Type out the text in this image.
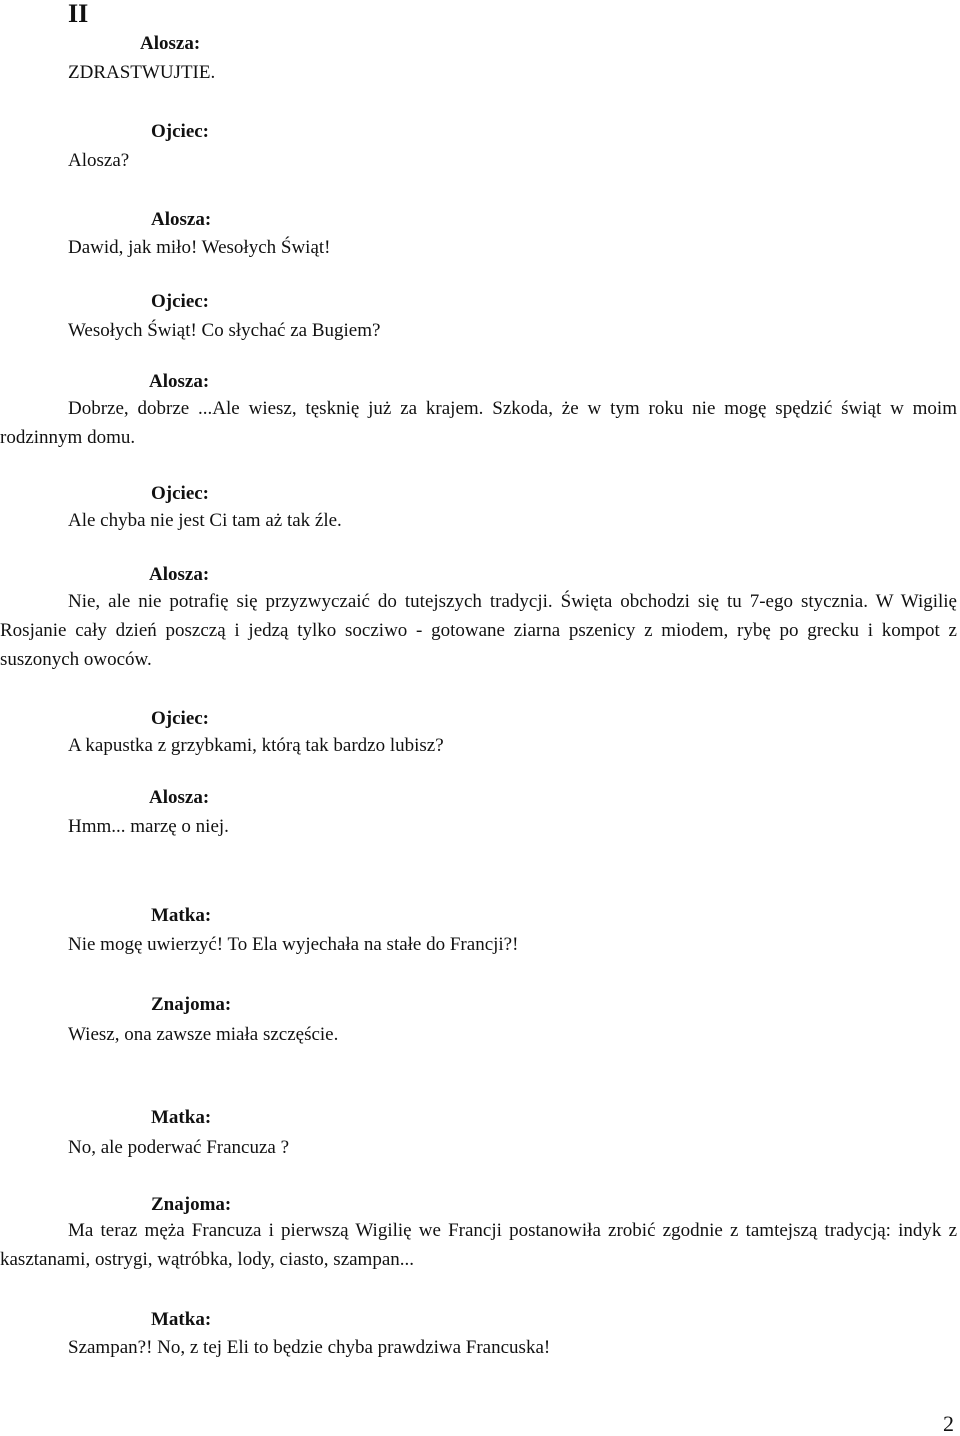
II
Alosza:
ZDRASTWUJTIE.
Ojciec:
Alosza?
Alosza:
Dawid, jak miło! Wesołych Świąt!
Ojciec:
Wesołych Świąt! Co słychać za Bugiem?
Alosza:

Dobrze, dobrze ...Ale wiesz, tęsknię już za krajem. Szkoda, że w tym roku nie mogę spędzić świąt w moim rodzinnym domu.

Ojciec:
Ale chyba nie jest Ci tam aż tak źle.
Alosza:

Nie, ale nie potrafię się przyzwyczaić do tutejszych tradycji. Święta obchodzi się tu 7-ego stycznia. W Wigilię Rosjanie cały dzień poszczą i jedzą tylko socziwo - gotowane ziarna pszenicy z miodem, rybę po grecku i kompot z suszonych owoców.

Ojciec:
A kapustka z grzybkami, którą tak bardzo lubisz?
Alosza:
Hmm... marzę o niej.
Matka:
Nie mogę uwierzyć! To Ela wyjechała na stałe do Francji?!
Znajoma:
Wiesz, ona zawsze miała szczęście.
Matka:
No, ale poderwać Francuza ?
Znajoma:

Ma teraz męża Francuza i pierwszą Wigilię we Francji postanowiła zrobić zgodnie z tamtejszą tradycją: indyk z kasztanami, ostrygi, wątróbka, lody, ciasto, szampan...

Matka:
Szampan?! No, z tej Eli to będzie chyba prawdziwa Francuska!
2
